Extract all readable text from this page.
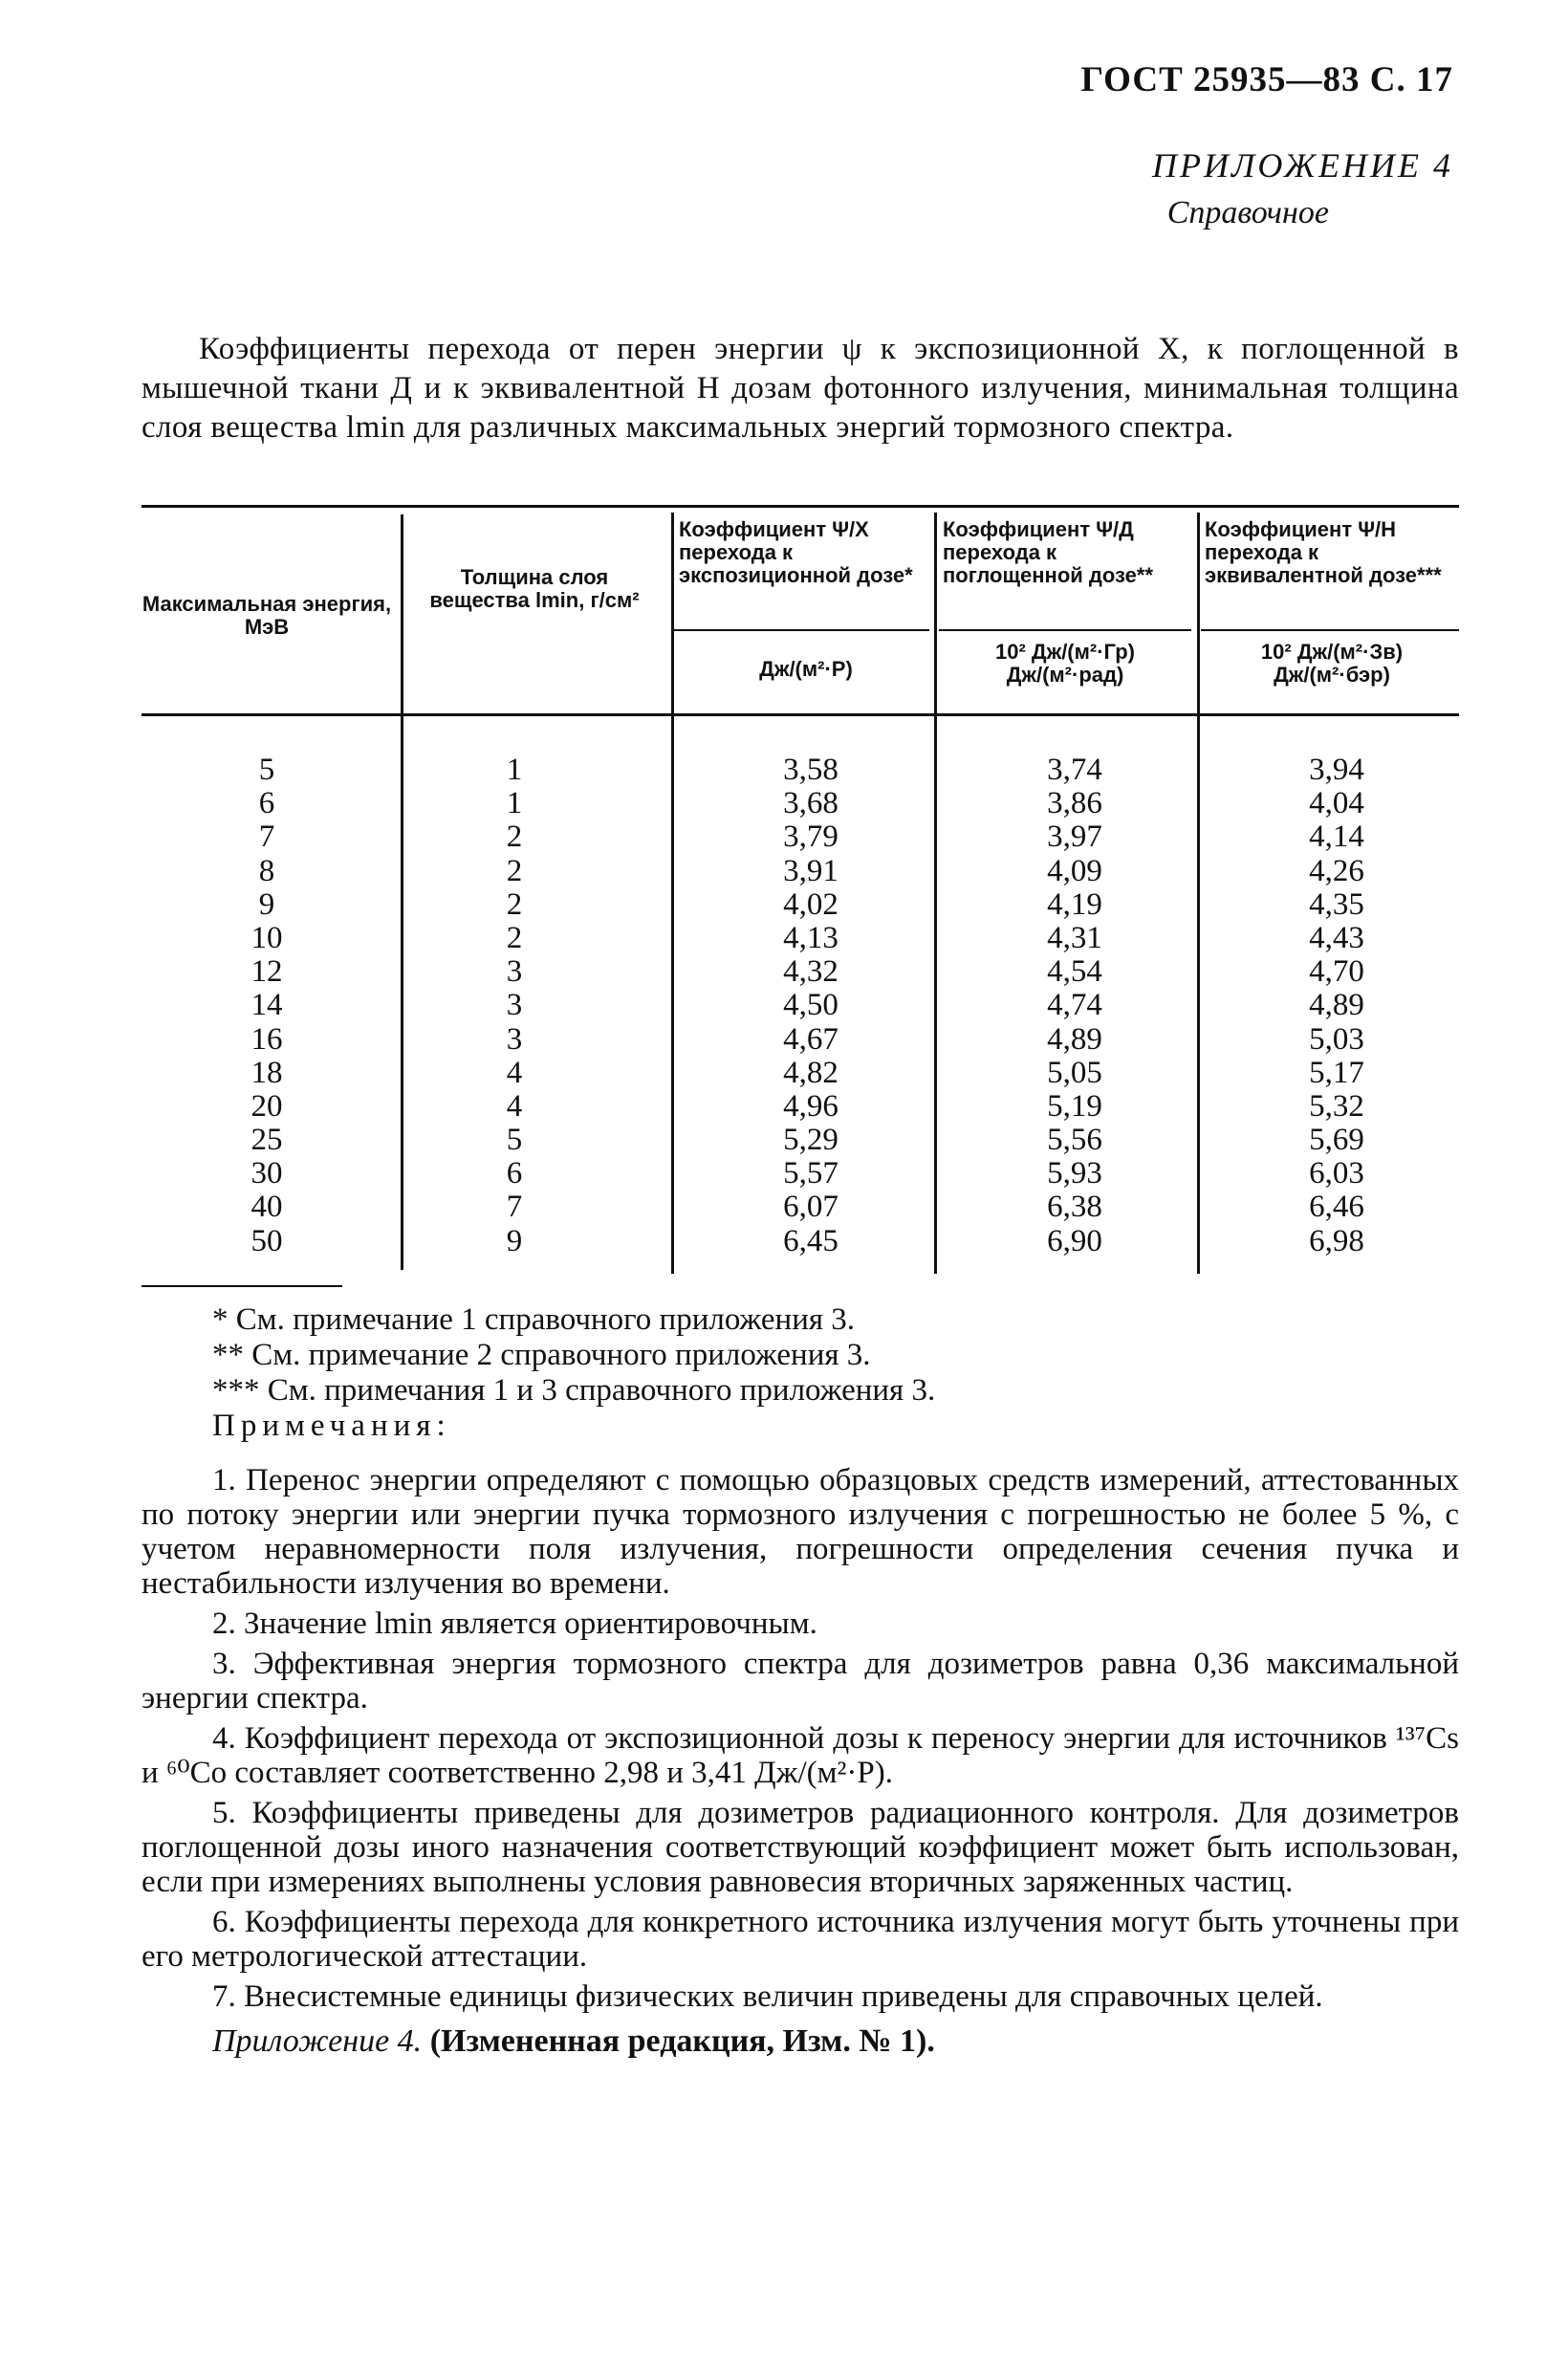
ГОСТ 25935—83 С. 17
ПРИЛОЖЕНИЕ 4
Справочное
Коэффициенты перехода от перен энергии ψ к экспозиционной X, к поглощенной в мышечной ткани Д и к эквивалентной Н дозам фотонного излучения, минимальная толщина слоя вещества lmin для различных максимальных энергий тормозного спектра.
Максимальная энергия, МэВ
Толщина слоя вещества lmin, г/см²
Коэффициент Ψ/X перехода к экспозиционной дозе*
Коэффициент Ψ/Д перехода к поглощенной дозе**
Коэффициент Ψ/Н перехода к эквивалентной дозе***
Дж/(м²·Р)
10² Дж/(м²·Гр) Дж/(м²·рад)
10² Дж/(м²·Зв) Дж/(м²·бэр)
5
6
7
8
9
10
12
14
16
18
20
25
30
40
50
1
1
2
2
2
2
3
3
3
4
4
5
6
7
9
3,58
3,68
3,79
3,91
4,02
4,13
4,32
4,50
4,67
4,82
4,96
5,29
5,57
6,07
6,45
3,74
3,86
3,97
4,09
4,19
4,31
4,54
4,74
4,89
5,05
5,19
5,56
5,93
6,38
6,90
3,94
4,04
4,14
4,26
4,35
4,43
4,70
4,89
5,03
5,17
5,32
5,69
6,03
6,46
6,98
* См. примечание 1 справочного приложения 3.
** См. примечание 2 справочного приложения 3.
*** См. примечания 1 и 3 справочного приложения 3.
Примечания:
1. Перенос энергии определяют с помощью образцовых средств измерений, аттестованных по потоку энергии или энергии пучка тормозного излучения с погрешностью не более 5 %, с учетом неравномерности поля излучения, погрешности определения сечения пучка и нестабильности излучения во времени.
2. Значение lmin является ориентировочным.
3. Эффективная энергия тормозного спектра для дозиметров равна 0,36 максимальной энергии спектра.
4. Коэффициент перехода от экспозиционной дозы к переносу энергии для источников ¹³⁷Cs и ⁶⁰Co составляет соответственно 2,98 и 3,41 Дж/(м²·Р).
5. Коэффициенты приведены для дозиметров радиационного контроля. Для дозиметров поглощенной дозы иного назначения соответствующий коэффициент может быть использован, если при измерениях выполнены условия равновесия вторичных заряженных частиц.
6. Коэффициенты перехода для конкретного источника излучения могут быть уточнены при его метрологической аттестации.
7. Внесистемные единицы физических величин приведены для справочных целей.
Приложение 4. (Измененная редакция, Изм. № 1).
